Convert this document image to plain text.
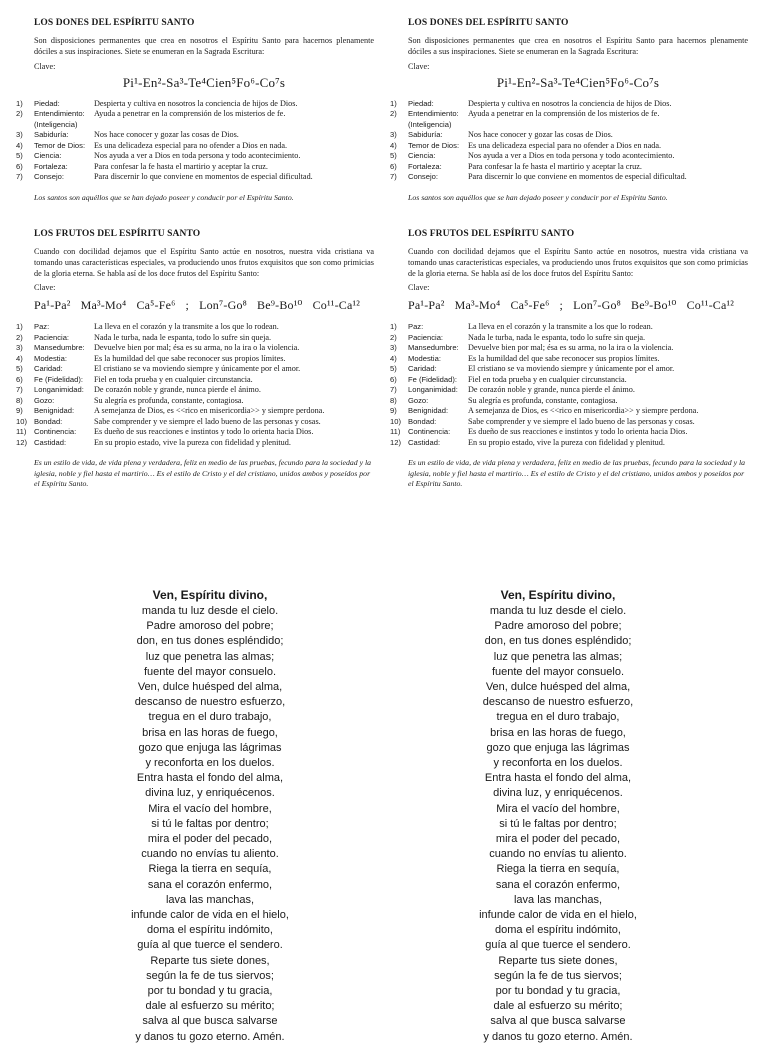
LOS DONES DEL ESPÍRITU SANTO

Son disposiciones permanentes que crea en nosotros el Espíritu Santo para hacernos plenamente dóciles a sus inspiraciones. Siete se enumeran en la Sagrada Escritura:

Clave:
Pi¹-En²-Sa³-Te⁴Cien⁵Fo⁶-Co⁷s
1)	Piedad:	Despierta y cultiva en nosotros la conciencia de hijos de Dios.
2)	Entendimiento:	Ayuda a penetrar en la comprensión de los misterios de fe.
(Inteligencia)
3)	Sabiduría:	Nos hace conocer y gozar las cosas de Dios.
4)	Temor de Dios:	Es una delicadeza especial para no ofender a Dios en nada.
5)	Ciencia:	Nos ayuda a ver a Dios en toda persona y todo acontecimiento.
6)	Fortaleza:	Para confesar la fe hasta el martirio y aceptar la cruz.
7)	Consejo:	Para discernir lo que conviene en momentos de especial dificultad.

Los santos son aquéllos que se han dejado poseer y conducir por el Espíritu Santo.

LOS FRUTOS DEL ESPÍRITU SANTO

Cuando con docilidad dejamos que el Espíritu Santo actúe en nosotros, nuestra vida cristiana va tomando unas características especiales, va produciendo unos frutos exquisitos que son como primicias de la gloria eterna. Se habla así de los doce frutos del Espíritu Santo:

Clave:
Pa¹-Pa² Ma³-Mo⁴ Ca⁵-Fe⁶ ; Lon⁷-Go⁸ Be⁹-Bo¹⁰ Co¹¹-Ca¹²
1)	Paz:	La lleva en el corazón y la transmite a los que lo rodean.
2)	Paciencia:	Nada le turba, nada le espanta, todo lo sufre sin queja.
3)	Mansedumbre:	Devuelve bien por mal; ésa es su arma, no la ira o la violencia.
4)	Modestia:	Es la humildad del que sabe reconocer sus propios límites.
5)	Caridad:	El cristiano se va moviendo siempre y únicamente por el amor.
6)	Fe (Fidelidad):	Fiel en toda prueba y en cualquier circunstancia.
7)	Longanimidad:	De corazón noble y grande, nunca pierde el ánimo.
8)	Gozo:	Su alegría es profunda, constante, contagiosa.
9)	Benignidad:	A semejanza de Dios, es <<rico en misericordia>> y siempre perdona.
10) Bondad:	Sabe comprender y ve siempre el lado bueno de las personas y cosas.
11) Continencia:	Es dueño de sus reacciones e instintos y todo lo orienta hacia Dios.
12) Castidad:	En su propio estado, vive la pureza con fidelidad y plenitud.

Es un estilo de vida, de vida plena y verdadera, feliz en medio de las pruebas, fecundo para la sociedad y la iglesia, noble y fiel hasta el martirio… Es el estilo de Cristo y el del cristiano, unidos ambos y poseídos por el Espíritu Santo.

LOS DONES DEL ESPÍRITU SANTO

Son disposiciones permanentes que crea en nosotros el Espíritu Santo para hacernos plenamente dóciles a sus inspiraciones. Siete se enumeran en la Sagrada Escritura:

Clave:
Pi¹-En²-Sa³-Te⁴Cien⁵Fo⁶-Co⁷s
1)	Piedad:	Despierta y cultiva en nosotros la conciencia de hijos de Dios.
2)	Entendimiento:	Ayuda a penetrar en la comprensión de los misterios de fe.
(Inteligencia)
3)	Sabiduría:	Nos hace conocer y gozar las cosas de Dios.
4)	Temor de Dios:	Es una delicadeza especial para no ofender a Dios en nada.
5)	Ciencia:	Nos ayuda a ver a Dios en toda persona y todo acontecimiento.
6)	Fortaleza:	Para confesar la fe hasta el martirio y aceptar la cruz.
7)	Consejo:	Para discernir lo que conviene en momentos de especial dificultad.

Los santos son aquéllos que se han dejado poseer y conducir por el Espíritu Santo.

LOS FRUTOS DEL ESPÍRITU SANTO

Cuando con docilidad dejamos que el Espíritu Santo actúe en nosotros, nuestra vida cristiana va tomando unas características especiales, va produciendo unos frutos exquisitos que son como primicias de la gloria eterna. Se habla así de los doce frutos del Espíritu Santo:

Clave:
Pa¹-Pa² Ma³-Mo⁴ Ca⁵-Fe⁶ ; Lon⁷-Go⁸ Be⁹-Bo¹⁰ Co¹¹-Ca¹²
1)	Paz:	La lleva en el corazón y la transmite a los que lo rodean.
2)	Paciencia:	Nada le turba, nada le espanta, todo lo sufre sin queja.
3)	Mansedumbre:	Devuelve bien por mal; ésa es su arma, no la ira o la violencia.
4)	Modestia:	Es la humildad del que sabe reconocer sus propios límites.
5)	Caridad:	El cristiano se va moviendo siempre y únicamente por el amor.
6)	Fe (Fidelidad):	Fiel en toda prueba y en cualquier circunstancia.
7)	Longanimidad:	De corazón noble y grande, nunca pierde el ánimo.
8)	Gozo:	Su alegría es profunda, constante, contagiosa.
9)	Benignidad:	A semejanza de Dios, es <<rico en misericordia>> y siempre perdona.
10) Bondad:	Sabe comprender y ve siempre el lado bueno de las personas y cosas.
11) Continencia:	Es dueño de sus reacciones e instintos y todo lo orienta hacia Dios.
12) Castidad:	En su propio estado, vive la pureza con fidelidad y plenitud.

Es un estilo de vida, de vida plena y verdadera, feliz en medio de las pruebas, fecundo para la sociedad y la iglesia, noble y fiel hasta el martirio… Es el estilo de Cristo y el del cristiano, unidos ambos y poseídos por el Espíritu Santo.

Ven, Espíritu divino,
manda tu luz desde el cielo.
Padre amoroso del pobre;
don, en tus dones espléndido;
luz que penetra las almas;
fuente del mayor consuelo.
Ven, dulce huésped del alma,
descanso de nuestro esfuerzo,
tregua en el duro trabajo,
brisa en las horas de fuego,
gozo que enjuga las lágrimas
y reconforta en los duelos.
Entra hasta el fondo del alma,
divina luz, y enriquécenos.
Mira el vacío del hombre,
si tú le faltas por dentro;
mira el poder del pecado,
cuando no envías tu aliento.
Riega la tierra en sequía,
sana el corazón enfermo,
lava las manchas,
infunde calor de vida en el hielo,
doma el espíritu indómito,
guía al que tuerce el sendero.
Reparte tus siete dones,
según la fe de tus siervos;
por tu bondad y tu gracia,
dale al esfuerzo su mérito;
salva al que busca salvarse
y danos tu gozo eterno. Amén.
Ven, Espíritu divino,
manda tu luz desde el cielo.
Padre amoroso del pobre;
don, en tus dones espléndido;
luz que penetra las almas;
fuente del mayor consuelo.
Ven, dulce huésped del alma,
descanso de nuestro esfuerzo,
tregua en el duro trabajo,
brisa en las horas de fuego,
gozo que enjuga las lágrimas
y reconforta en los duelos.
Entra hasta el fondo del alma,
divina luz, y enriquécenos.
Mira el vacío del hombre,
si tú le faltas por dentro;
mira el poder del pecado,
cuando no envías tu aliento.
Riega la tierra en sequía,
sana el corazón enfermo,
lava las manchas,
infunde calor de vida en el hielo,
doma el espíritu indómito,
guía al que tuerce el sendero.
Reparte tus siete dones,
según la fe de tus siervos;
por tu bondad y tu gracia,
dale al esfuerzo su mérito;
salva al que busca salvarse
y danos tu gozo eterno. Amén.
